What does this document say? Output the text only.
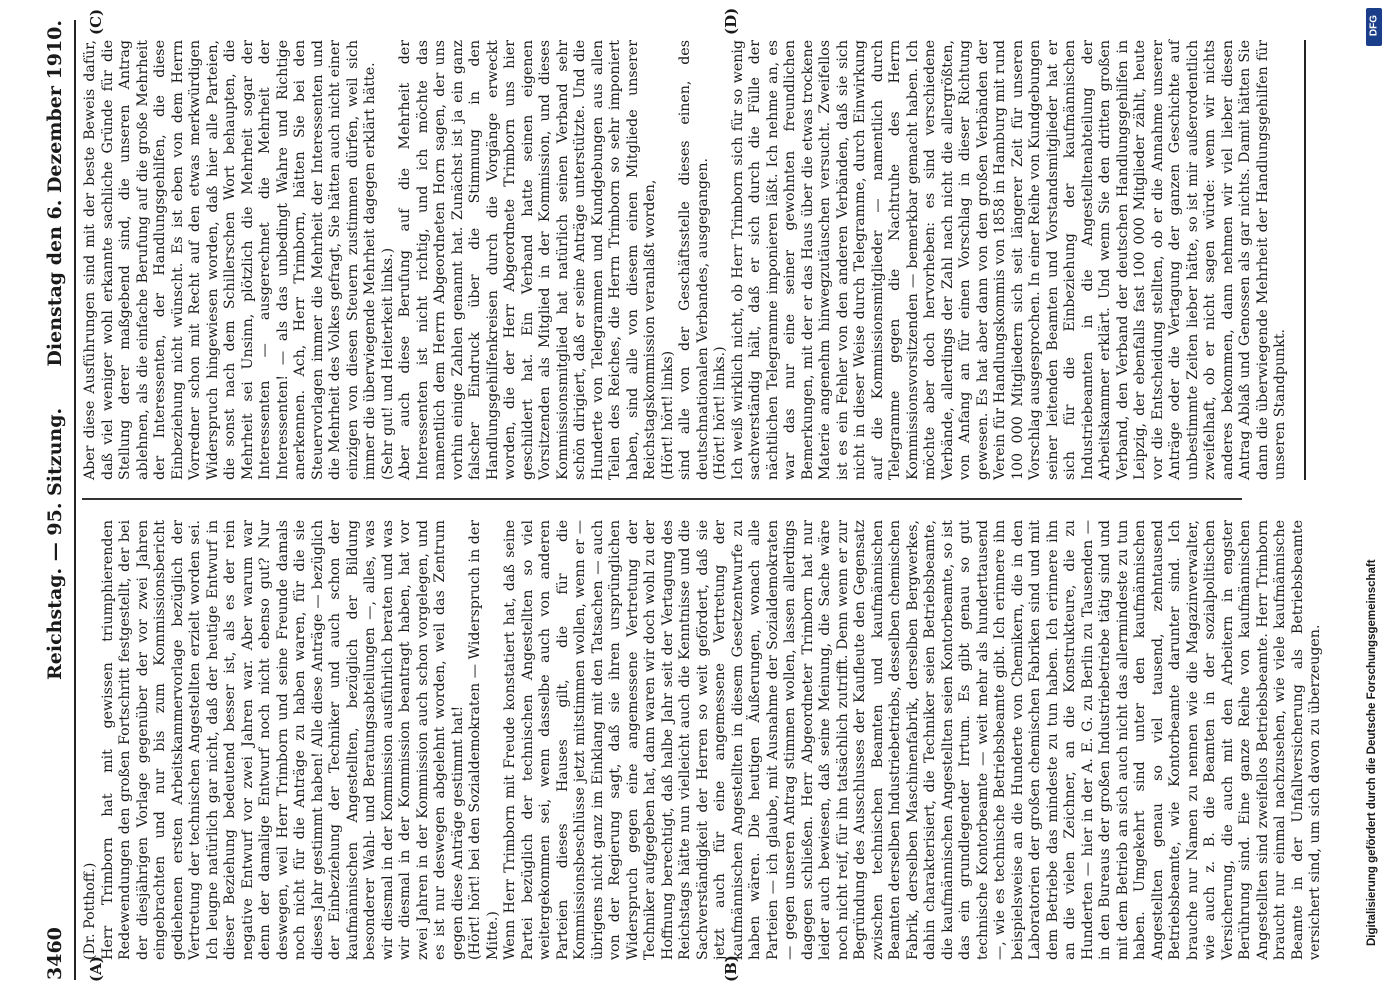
3460
Reichstag. — 95. Sitzung.
Dienstag den 6. Dezember 1910.
(A)	(B)
(C)	(D)
(Dr. Potthoff.)
Herr Trimborn hat mit gewissen triumphierenden Redewendungen den großen Fortschritt festgestellt, der bei der diesjährigen Vorlage gegenüber der vor zwei Jahren eingebrachten und nur bis zum Kommissionsbericht gediehenen ersten Arbeitskammervorlage bezüglich der Vertretung der technischen Angestellten erzielt worden sei. Ich leugne natürlich gar nicht, daß der heutige Entwurf in dieser Beziehung bedeutend besser ist, als es der rein negative Entwurf vor zwei Jahren war. Aber warum war denn der damalige Entwurf noch nicht ebenso gut? Nur deswegen, weil Herr Trimborn und seine Freunde damals noch nicht für die Anträge zu haben waren, für die sie dieses Jahr gestimmt haben! Alle diese Anträge — bezüglich der Einbeziehung der Techniker und auch schon der kaufmännischen Angestellten, bezüglich der Bildung besonderer Wahl- und Beratungsabteilungen —, alles, was wir diesmal in der Kommission ausführlich beraten und was wir diesmal in der Kommission beantragt haben, hat vor zwei Jahren in der Kommission auch schon vorgelegen, und es ist nur deswegen abgelehnt worden, weil das Zentrum gegen diese Anträge gestimmt hat!
(Hört! hört! bei den Sozialdemokraten — Widerspruch in der Mitte.)
Wenn Herr Trimborn mit Freude konstatiert hat, daß seine Partei bezüglich der technischen Angestellten so viel weitergekommen sei, wenn dasselbe auch von anderen Parteien dieses Hauses gilt, die für die Kommissionsbeschlüsse jetzt mitstimmen wollen, wenn er — übrigens nicht ganz im Einklang mit den Tatsachen — auch von der Regierung sagt, daß sie ihren ursprünglichen Widerspruch gegen eine angemessene Vertretung der Techniker aufgegeben hat, dann waren wir doch wohl zu der Hoffnung berechtigt, daß halbe Jahr seit der Vertagung des Reichstags hätte nun vielleicht auch die Kenntnisse und die Sachverständigkeit der Herren so weit gefördert, daß sie jetzt auch für eine angemessene Vertretung der kaufmännischen Angestellten in diesem Gesetzentwurfe zu haben wären. Die heutigen Äußerungen, wonach alle Parteien — ich glaube, mit Ausnahme der Sozialdemokraten — gegen unseren Antrag stimmen wollen, lassen allerdings dagegen schließen. Herr Abgeordneter Trimborn hat nur leider auch bewiesen, daß seine Meinung, die Sache wäre noch nicht reif, für ihn tatsächlich zutrifft. Denn wenn er zur Begründung des Ausschlusses der Kaufleute den Gegensatz zwischen technischen Beamten und kaufmännischen Beamten derselben Industriebetriebs, desselben chemischen Fabrik, derselben Maschinenfabrik, derselben Bergwerkes, dahin charakterisiert, die Techniker seien Betriebsbeamte, die kaufmännischen Angestellten seien Kontorbeamte, so ist das ein grundlegender Irrtum. Es gibt genau so gut technische Kontorbeamte — weit mehr als hunderttausend —, wie es technische Betriebsbeamte gibt. Ich erinnere ihn beispielsweise an die Hunderte von Chemikern, die in den Laboratorien der großen chemischen Fabriken sind und mit dem Betriebe das mindeste zu tun haben. Ich erinnere ihn an die vielen Zeichner, an die Konstrukteure, die zu Hunderten — hier in der A. E. G. zu Berlin zu Tausenden — in den Bureaus der großen Industriebetriebe tätig sind und mit dem Betrieb an sich auch nicht das allermindeste zu tun haben. Umgekehrt sind unter den kaufmännischen Angestellten genau so viel tausend, zehntausend Betriebsbeamte, wie Kontorbeamte darunter sind. Ich brauche nur Namen zu nennen wie die Magazinverwalter, wie auch z. B. die Beamten in der sozialpolitischen Versicherung, die auch mit den Arbeitern in engster Berührung sind. Eine ganze Reihe von kaufmännischen Angestellten sind zweifellos Betriebsbeamte. Herr Trimborn braucht nur einmal nachzusehen, wie viele kaufmännische Beamte in der Unfallversicherung als Betriebsbeamte versichert sind, um sich davon zu überzeugen.
Aber diese Ausführungen sind mit der beste Beweis dafür, daß viel weniger wohl erkannte sachliche Gründe für die Stellung derer maßgebend sind, die unseren Antrag ablehnen, als die einfache Berufung auf die große Mehrheit der Interessenten, der Handlungsgehilfen, die diese Einbeziehung nicht wünscht. Es ist eben von dem Herrn Vorredner schon mit Recht auf den etwas merkwürdigen Widerspruch hingewiesen worden, daß hier alle Parteien, die sonst nach dem Schillerschen Wort behaupten, die Mehrheit sei Unsinn, plötzlich die Mehrheit sogar der Interessenten — ausgerechnet die Mehrheit der Interessenten! — als das unbedingt Wahre und Richtige anerkennen. Ach, Herr Trimborn, hätten Sie bei den Steuervorlagen immer die Mehrheit der Interessenten und die Mehrheit des Volkes gefragt, Sie hätten auch nicht einer einzigen von diesen Steuern zustimmen dürfen, weil sich immer die überwiegende Mehrheit dagegen erklärt hätte.
(Sehr gut! und Heiterkeit links.)
Aber auch diese Berufung auf die Mehrheit der Interessenten ist nicht richtig, und ich möchte das namentlich dem Herrn Abgeordneten Horn sagen, der uns vorhin einige Zahlen genannt hat. Zunächst ist ja ein ganz falscher Eindruck über die Stimmung in den Handlungsgehilfenkreisen durch die Vorgänge erweckt worden, die der Herr Abgeordnete Trimborn uns hier geschildert hat. Ein Verband hatte seinen eigenen Vorsitzenden als Mitglied in der Kommission, und dieses Kommissionsmitglied hat natürlich seinen Verband sehr schön dirigiert, daß er seine Anträge unterstützte. Und die Hunderte von Telegrammen und Kundgebungen aus allen Teilen des Reiches, die Herrn Trimborn so sehr imponiert haben, sind alle von diesem einen Mitgliede unserer Reichstagskommission veranlaßt worden,
(Hört! hört! links)
sind alle von der Geschäftsstelle dieses einen, des deutschnationalen Verbandes, ausgegangen.
(Hört! hört! links.)
Ich weiß wirklich nicht, ob Herr Trimborn sich für so wenig sachverständig hält, daß er sich durch die Fülle der nächtlichen Telegramme imponieren läßt. Ich nehme an, es war das nur eine seiner gewohnten freundlichen Bemerkungen, mit der er das Haus über die etwas trockene Materie angenehm hinwegzutäuschen versucht. Zweifellos ist es ein Fehler von den anderen Verbänden, daß sie sich nicht in dieser Weise durch Telegramme, durch Einwirkung auf die Kommissionsmitglieder — namentlich durch Telegramme gegen die Nachtruhe des Herrn Kommissionsvorsitzenden — bemerkbar gemacht haben. Ich möchte aber doch hervorheben: es sind verschiedene Verbände, allerdings der Zahl nach nicht die allergrößten, von Anfang an für einen Vorschlag in dieser Richtung gewesen. Es hat aber dann von den großen Verbänden der Verein für Handlungskommis von 1858 in Hamburg mit rund 100 000 Mitgliedern sich seit längerer Zeit für unseren Vorschlag ausgesprochen. In einer Reihe von Kundgebungen seiner leitenden Beamten und Vorstandsmitglieder hat er sich für die Einbeziehung der kaufmännischen Industriebeamten in die Angestelltenabteilung der Arbeitskammer erklärt. Und wenn Sie den dritten großen Verband, den Verband der deutschen Handlungsgehilfen in Leipzig, der ebenfalls fast 100 000 Mitglieder zählt, heute vor die Entscheidung stellten, ob er die Annahme unserer Anträge oder die Vertagung der ganzen Geschichte auf unbestimmte Zeiten lieber hätte, so ist mir außerordentlich zweifelhaft, ob er nicht sagen würde: wenn wir nichts anderes bekommen, dann nehmen wir viel lieber diesen Antrag Ablaß und Genossen als gar nichts. Damit hätten Sie dann die überwiegende Mehrheit der Handlungsgehilfen für unseren Standpunkt.
DFG
Digitalisierung gefördert durch die Deutsche Forschungsgemeinschaft
